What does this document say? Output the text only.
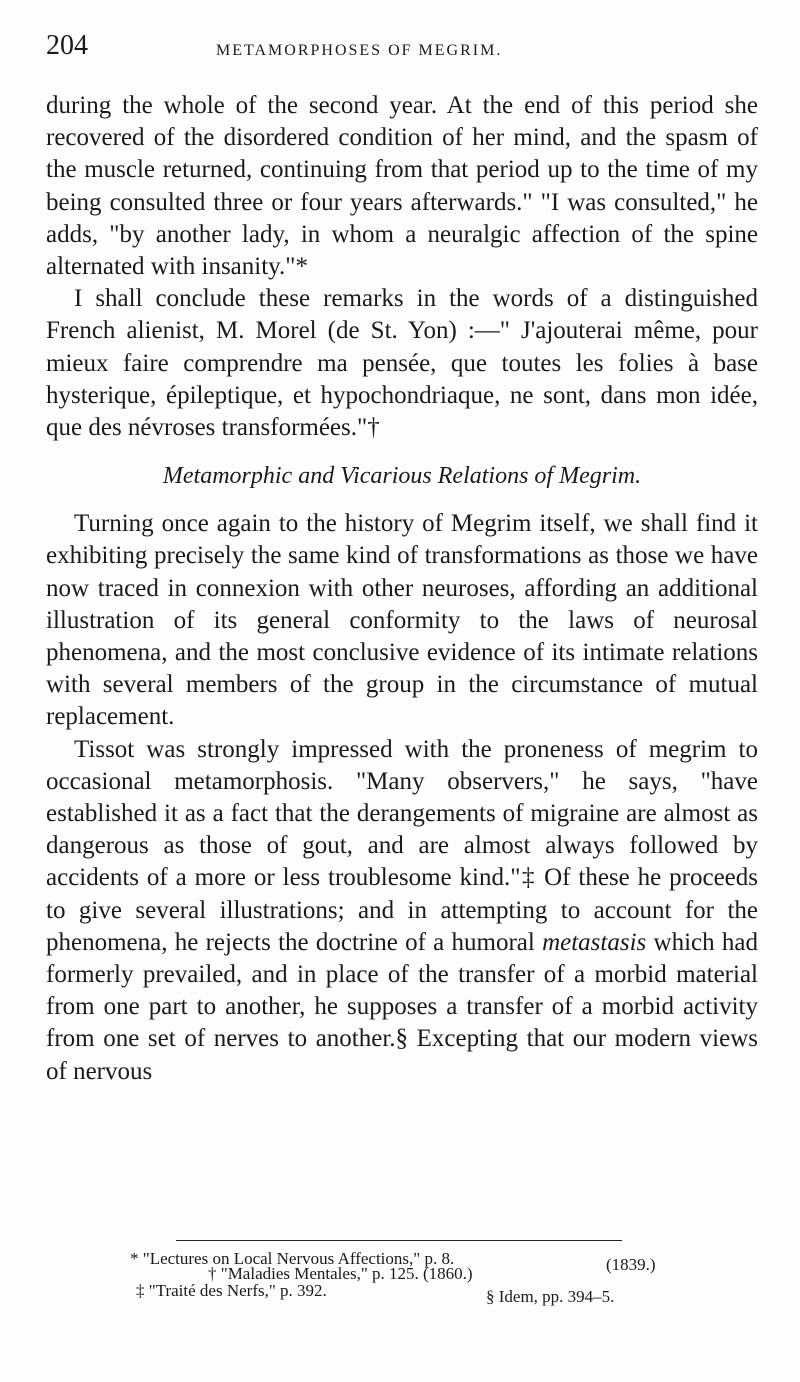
204	METAMORPHOSES OF MEGRIM.

during the whole of the second year. At the end of this period she recovered of the disordered condition of her mind, and the spasm of the muscle returned, continuing from that period up to the time of my being consulted three or four years afterwards." "I was consulted," he adds, "by another lady, in whom a neuralgic affection of the spine alternated with insanity."*

I shall conclude these remarks in the words of a distinguished French alienist, M. Morel (de St. Yon) :—" J'ajouterai même, pour mieux faire comprendre ma pensée, que toutes les folies à base hysterique, épileptique, et hypochondriaque, ne sont, dans mon idée, que des névroses transformées."†

Metamorphic and Vicarious Relations of Megrim.

Turning once again to the history of Megrim itself, we shall find it exhibiting precisely the same kind of transformations as those we have now traced in connexion with other neuroses, affording an additional illustration of its general conformity to the laws of neurosal phenomena, and the most conclusive evidence of its intimate relations with several members of the group in the circumstance of mutual replacement.

Tissot was strongly impressed with the proneness of megrim to occasional metamorphosis. "Many observers," he says, "have established it as a fact that the derangements of migraine are almost as dangerous as those of gout, and are almost always followed by accidents of a more or less troublesome kind."‡ Of these he proceeds to give several illustrations; and in attempting to account for the phenomena, he rejects the doctrine of a humoral metastasis which had formerly prevailed, and in place of the transfer of a morbid material from one part to another, he supposes a transfer of a morbid activity from one set of nerves to another.§ Excepting that our modern views of nervous

* "Lectures on Local Nervous Affections," p. 8.	(1839.)
† "Maladies Mentales," p. 125. (1860.)
‡ "Traité des Nerfs," p. 392.	§ Idem, pp. 394–5.
